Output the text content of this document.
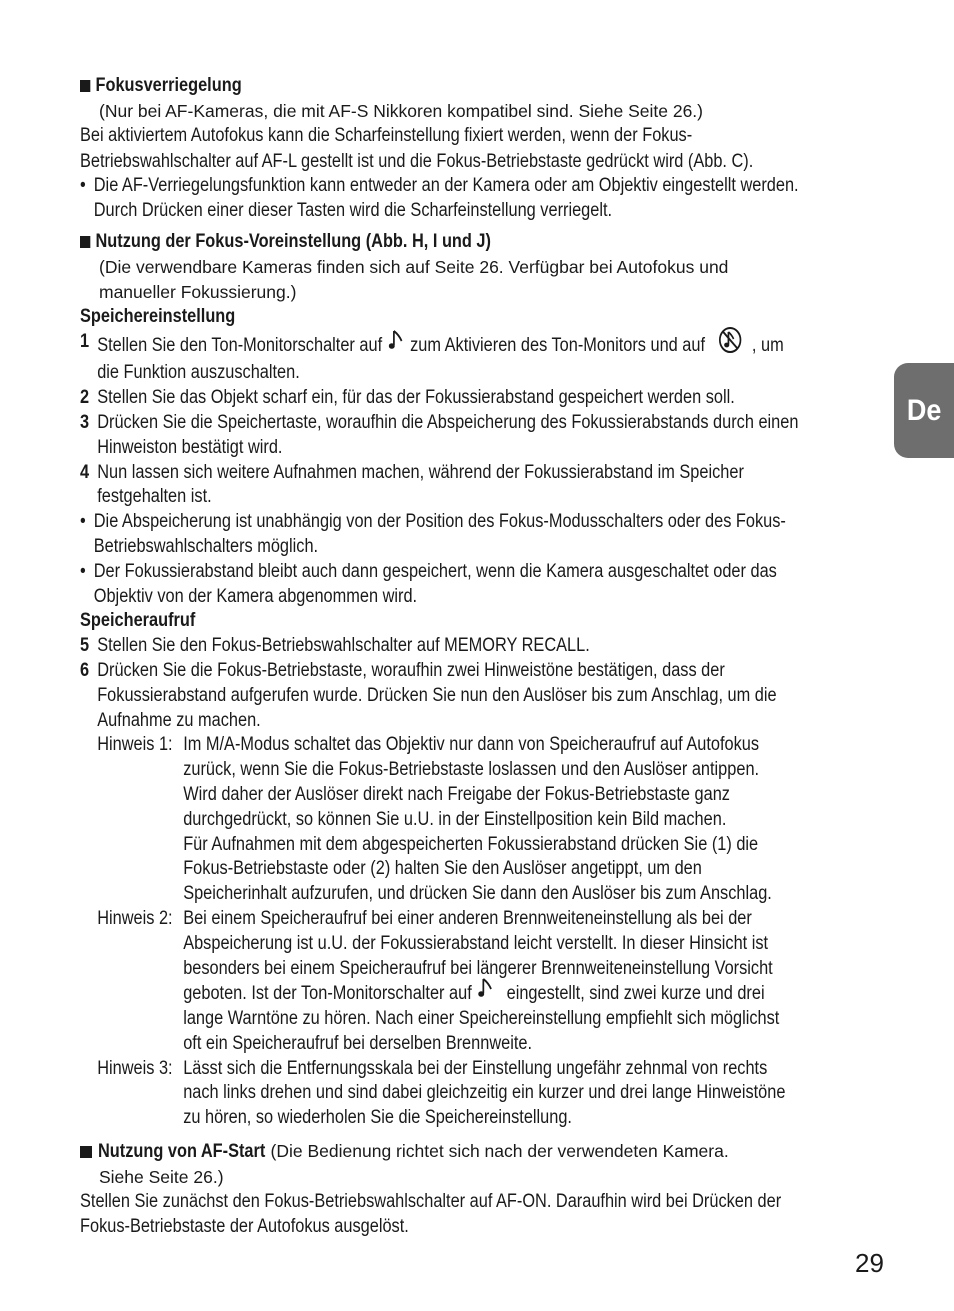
De
Fokusverriegelung
(Nur bei AF-Kameras, die mit AF-S Nikkoren kompatibel sind. Siehe Seite 26.)
Bei aktiviertem Autofokus kann die Scharfeinstellung fixiert werden, wenn der Fokus-
Betriebswahlschalter auf AF-L gestellt ist und die Fokus-Betriebstaste gedrückt wird (Abb. C).
• Die AF-Verriegelungsfunktion kann entweder an der Kamera oder am Objektiv eingestellt werden.
Durch Drücken einer dieser Tasten wird die Scharfeinstellung verriegelt.
Nutzung der Fokus-Voreinstellung (Abb. H, I und J)
(Die verwendbare Kameras finden sich auf Seite 26. Verfügbar bei Autofokus und
manueller Fokussierung.)
Speichereinstellung
1 Stellen Sie den Ton-Monitorschalter auf zum Aktivieren des Ton-Monitors und auf , um
die Funktion auszuschalten.
2 Stellen Sie das Objekt scharf ein, für das der Fokussierabstand gespeichert werden soll.
3 Drücken Sie die Speichertaste, woraufhin die Abspeicherung des Fokussierabstands durch einen
Hinweiston bestätigt wird.
4 Nun lassen sich weitere Aufnahmen machen, während der Fokussierabstand im Speicher
festgehalten ist.
• Die Abspeicherung ist unabhängig von der Position des Fokus-Modusschalters oder des Fokus-
Betriebswahlschalters möglich.
• Der Fokussierabstand bleibt auch dann gespeichert, wenn die Kamera ausgeschaltet oder das
Objektiv von der Kamera abgenommen wird.
Speicheraufruf
5 Stellen Sie den Fokus-Betriebswahlschalter auf MEMORY RECALL.
6 Drücken Sie die Fokus-Betriebstaste, woraufhin zwei Hinweistöne bestätigen, dass der
Fokussierabstand aufgerufen wurde. Drücken Sie nun den Auslöser bis zum Anschlag, um die
Aufnahme zu machen.
Hinweis 1: Im M/A-Modus schaltet das Objektiv nur dann von Speicheraufruf auf Autofokus
zurück, wenn Sie die Fokus-Betriebstaste loslassen und den Auslöser antippen.
Wird daher der Auslöser direkt nach Freigabe der Fokus-Betriebstaste ganz
durchgedrückt, so können Sie u.U. in der Einstellposition kein Bild machen.
Für Aufnahmen mit dem abgespeicherten Fokussierabstand drücken Sie (1) die
Fokus-Betriebstaste oder (2) halten Sie den Auslöser angetippt, um den
Speicherinhalt aufzurufen, und drücken Sie dann den Auslöser bis zum Anschlag.
Hinweis 2: Bei einem Speicheraufruf bei einer anderen Brennweiteneinstellung als bei der
Abspeicherung ist u.U. der Fokussierabstand leicht verstellt. In dieser Hinsicht ist
besonders bei einem Speicheraufruf bei längerer Brennweiteneinstellung Vorsicht
geboten. Ist der Ton-Monitorschalter auf eingestellt, sind zwei kurze und drei
lange Warntöne zu hören. Nach einer Speichereinstellung empfiehlt sich möglichst
oft ein Speicheraufruf bei derselben Brennweite.
Hinweis 3: Lässt sich die Entfernungsskala bei der Einstellung ungefähr zehnmal von rechts
nach links drehen und sind dabei gleichzeitig ein kurzer und drei lange Hinweistöne
zu hören, so wiederholen Sie die Speichereinstellung.
Nutzung von AF-Start (Die Bedienung richtet sich nach der verwendeten Kamera.
Siehe Seite 26.)
Stellen Sie zunächst den Fokus-Betriebswahlschalter auf AF-ON. Daraufhin wird bei Drücken der
Fokus-Betriebstaste der Autofokus ausgelöst.
29
